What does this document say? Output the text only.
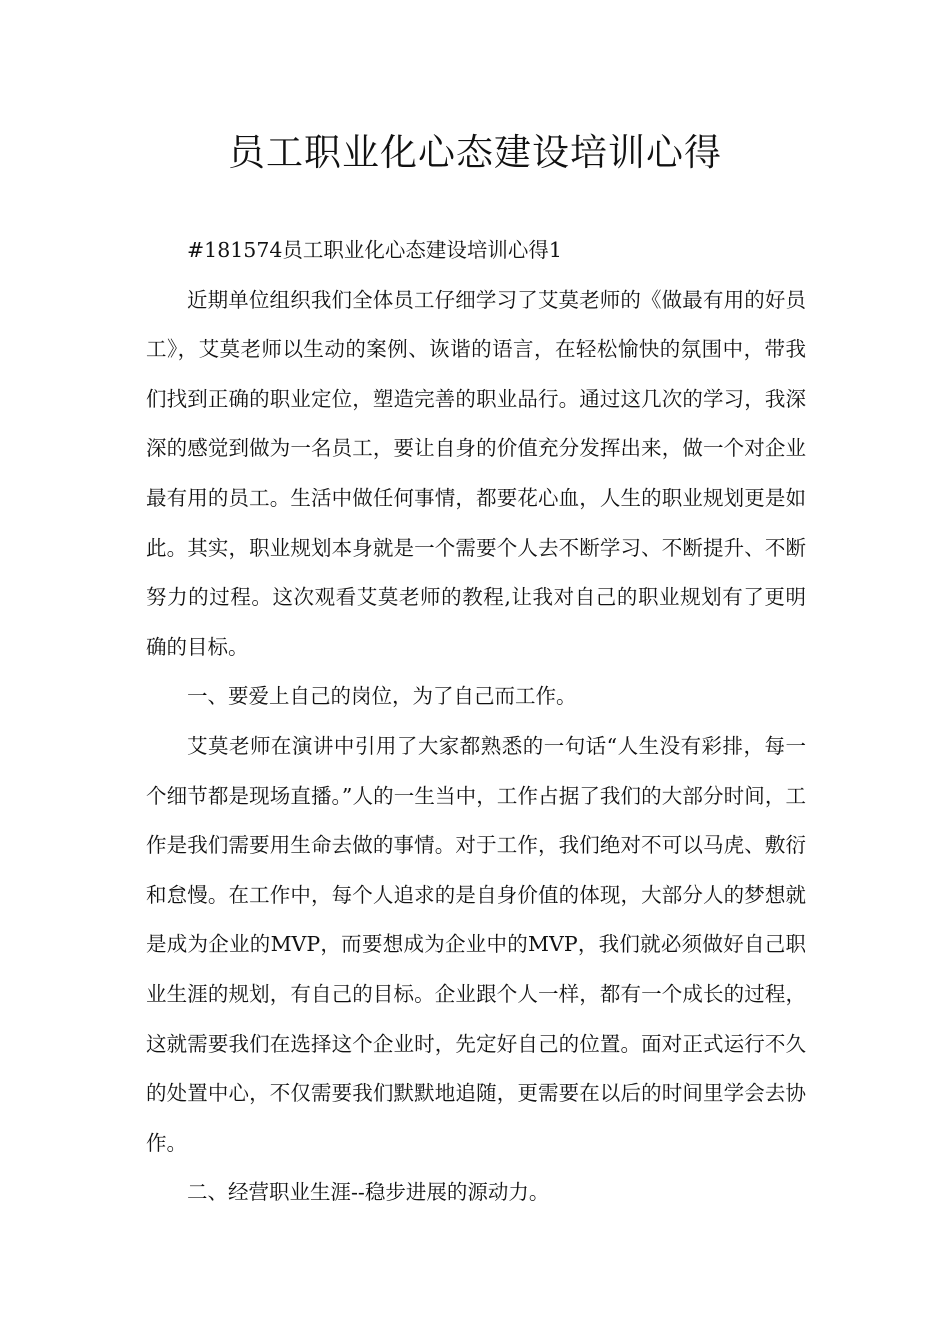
员工职业化心态建设培训心得

#181574员工职业化心态建设培训心得1

近期单位组织我们全体员工仔细学习了艾莫老师的《做最有用的好员工》，艾莫老师以生动的案例、诙谐的语言，在轻松愉快的氛围中，带我们找到正确的职业定位，塑造完善的职业品行。通过这几次的学习，我深深的感觉到做为一名员工，要让自身的价值充分发挥出来，做一个对企业最有用的员工。生活中做任何事情，都要花心血，人生的职业规划更是如此。其实，职业规划本身就是一个需要个人去不断学习、不断提升、不断努力的过程。这次观看艾莫老师的教程,让我对自己的职业规划有了更明确的目标。

一、要爱上自己的岗位，为了自己而工作。

艾莫老师在演讲中引用了大家都熟悉的一句话“人生没有彩排，每一个细节都是现场直播。”人的一生当中，工作占据了我们的大部分时间，工作是我们需要用生命去做的事情。对于工作，我们绝对不可以马虎、敷衍和怠慢。在工作中，每个人追求的是自身价值的体现，大部分人的梦想就是成为企业的MVP，而要想成为企业中的MVP，我们就必须做好自己职业生涯的规划，有自己的目标。企业跟个人一样，都有一个成长的过程，这就需要我们在选择这个企业时，先定好自己的位置。面对正式运行不久的处置中心，不仅需要我们默默地追随，更需要在以后的时间里学会去协作。

二、经营职业生涯--稳步进展的源动力。
